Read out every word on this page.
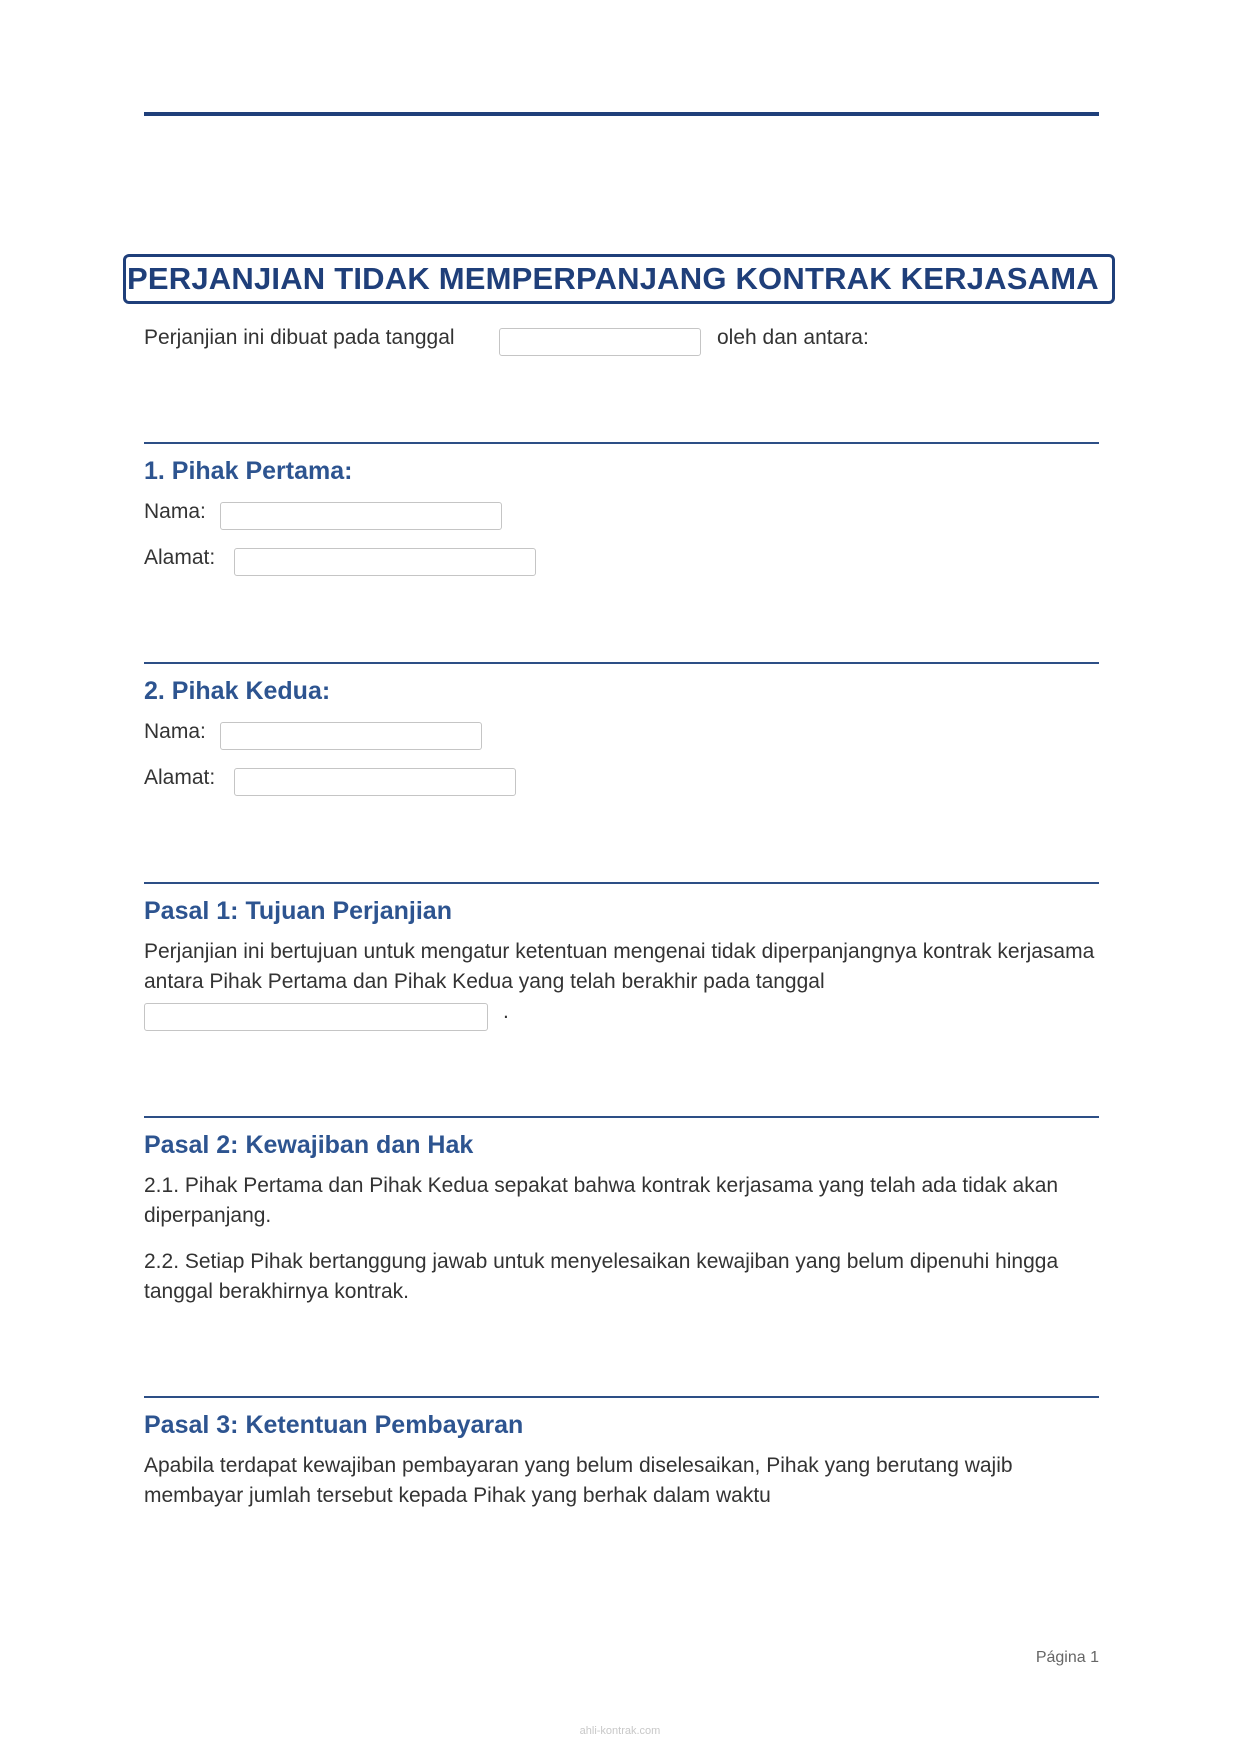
PERJANJIAN TIDAK MEMPERPANJANG KONTRAK KERJASAMA
Perjanjian ini dibuat pada tanggal	oleh dan antara:
1. Pihak Pertama:
Nama:
Alamat:
2. Pihak Kedua:
Nama:
Alamat:
Pasal 1: Tujuan Perjanjian
Perjanjian ini bertujuan untuk mengatur ketentuan mengenai tidak diperpanjangnya kontrak kerjasama antara Pihak Pertama dan Pihak Kedua yang telah berakhir pada tanggal
.
Pasal 2: Kewajiban dan Hak
2.1. Pihak Pertama dan Pihak Kedua sepakat bahwa kontrak kerjasama yang telah ada tidak akan diperpanjang.
2.2. Setiap Pihak bertanggung jawab untuk menyelesaikan kewajiban yang belum dipenuhi hingga tanggal berakhirnya kontrak.
Pasal 3: Ketentuan Pembayaran
Apabila terdapat kewajiban pembayaran yang belum diselesaikan, Pihak yang berutang wajib membayar jumlah tersebut kepada Pihak yang berhak dalam waktu
Página 1
ahli-kontrak.com
